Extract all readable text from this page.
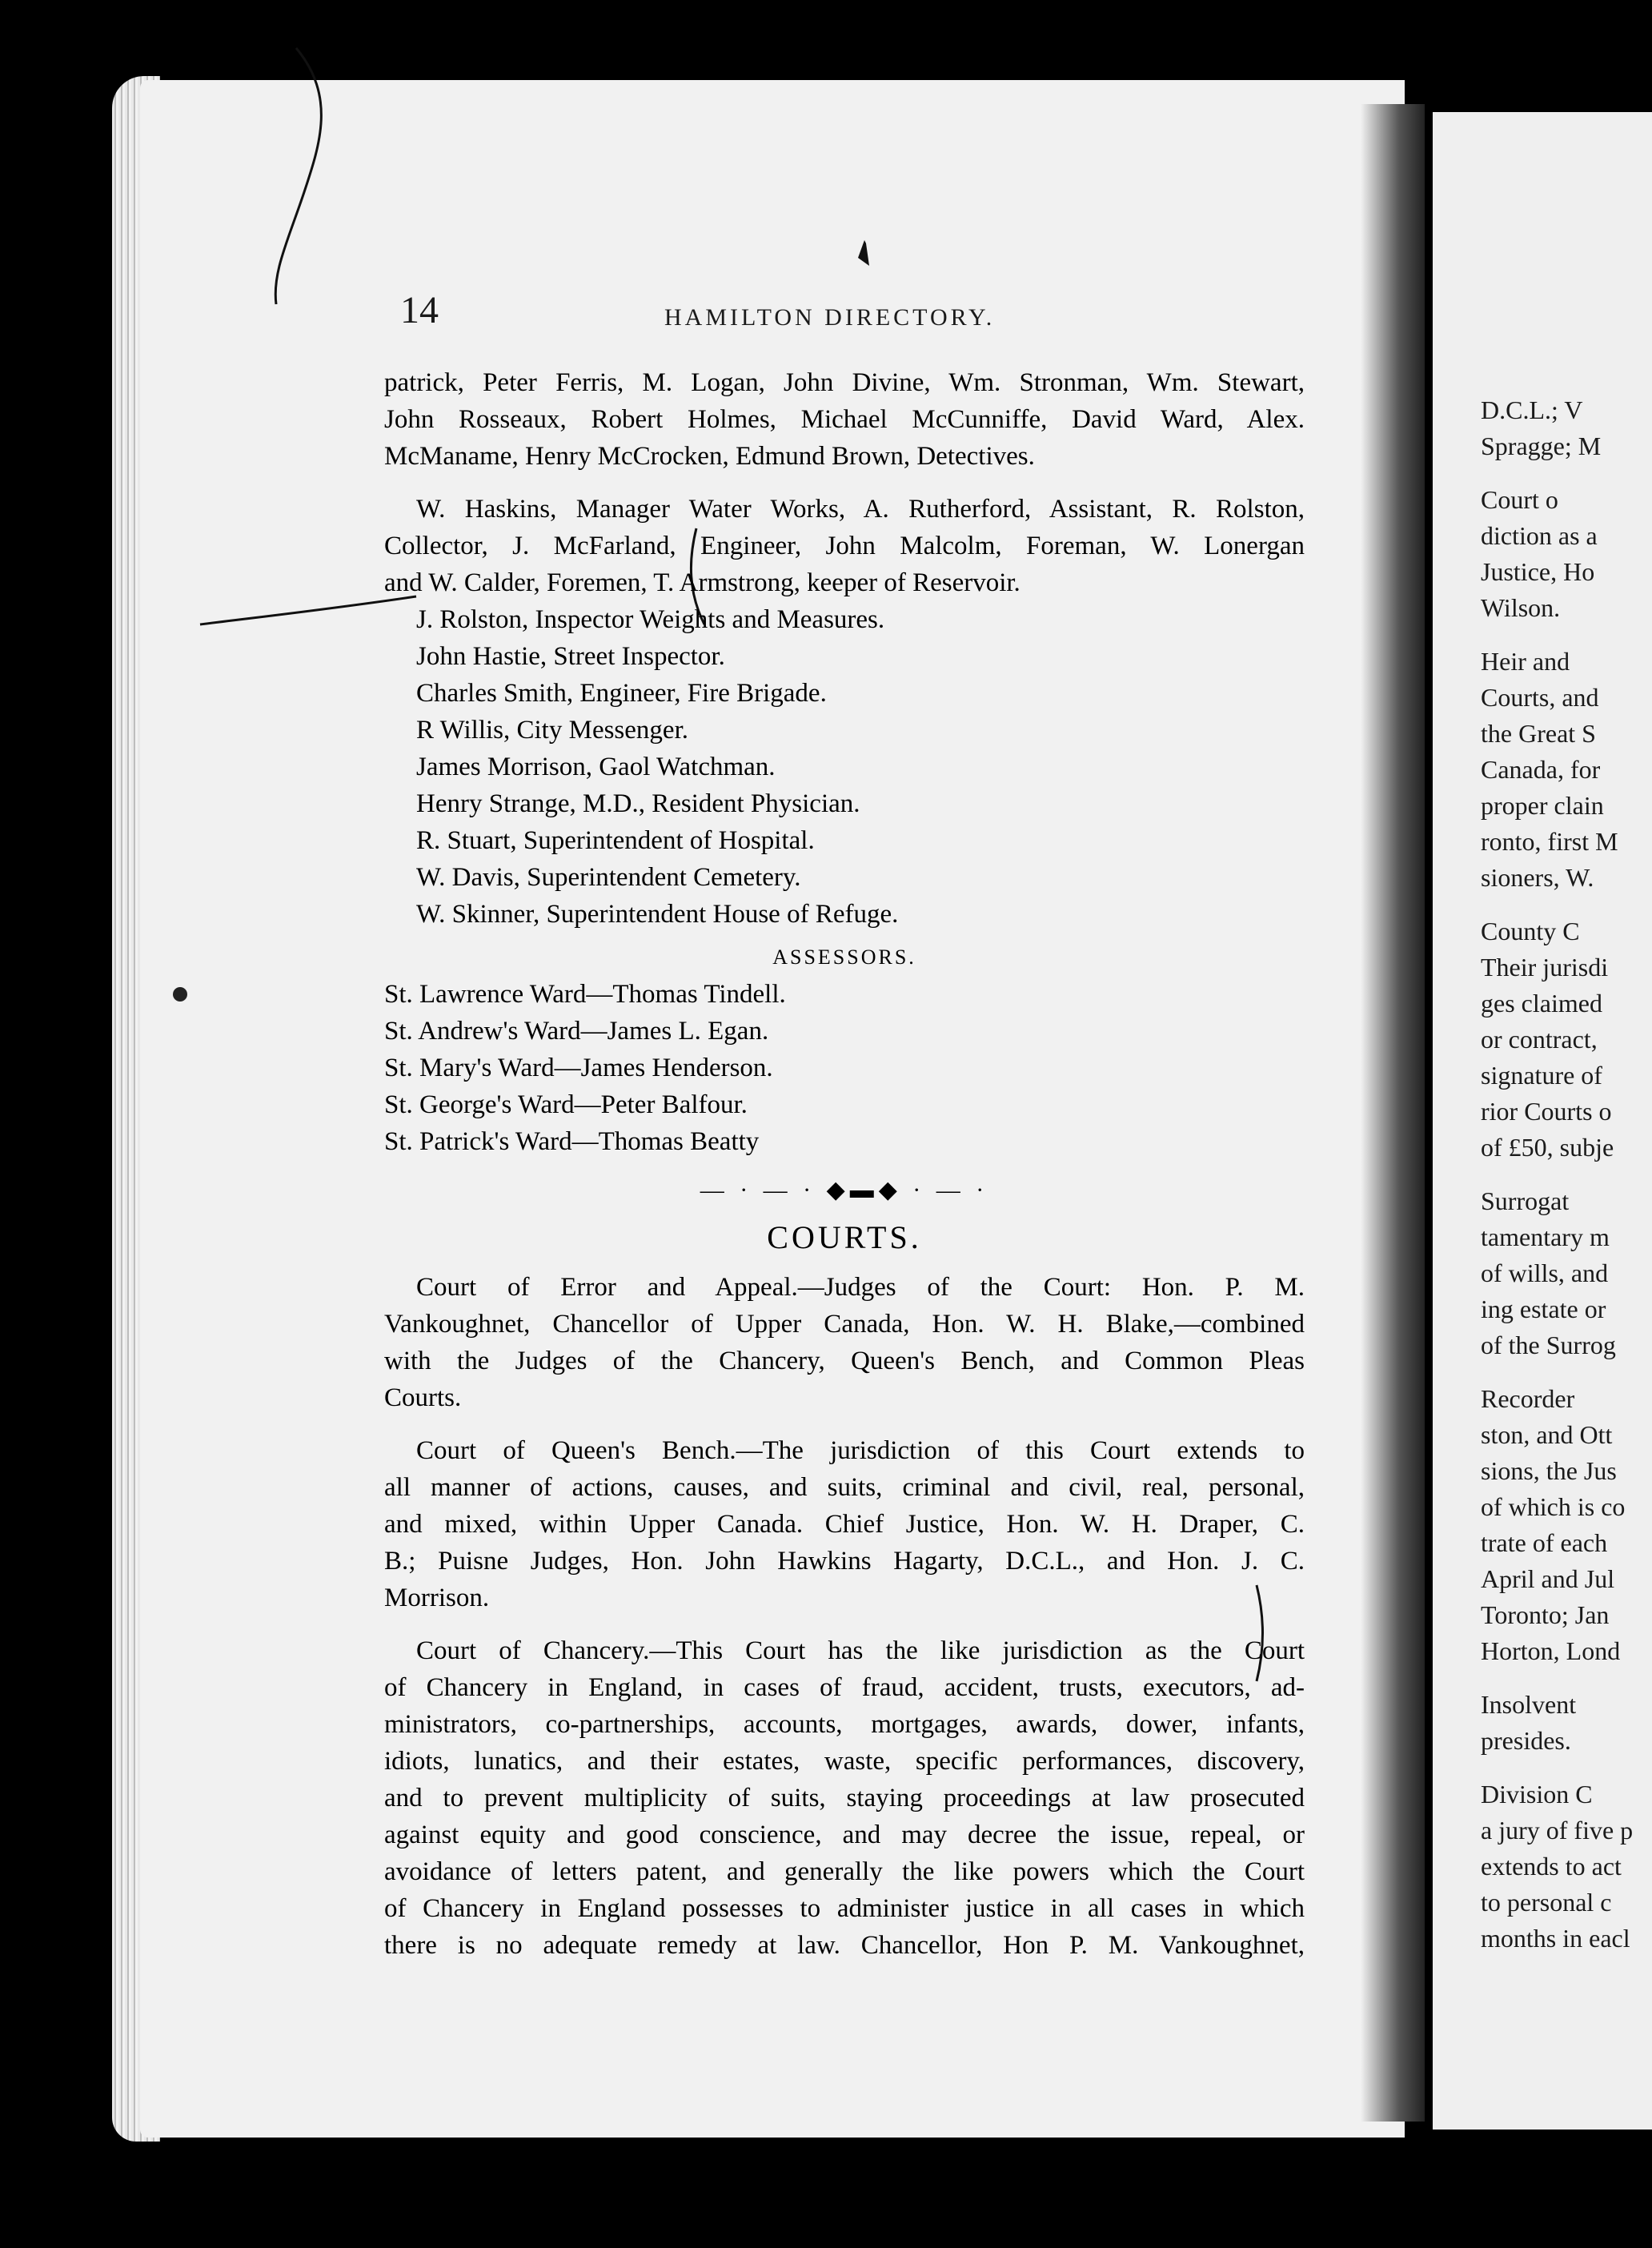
14	HAMILTON DIRECTORY.
patrick, Peter Ferris, M. Logan, John Divine, Wm. Stronman, Wm. Stewart,
John Rosseaux, Robert Holmes, Michael McCunniffe, David Ward, Alex.
McManame, Henry McCrocken, Edmund Brown, Detectives.
W. Haskins, Manager Water Works, A. Rutherford, Assistant, R. Rolston,
Collector, J. McFarland, Engineer, John Malcolm, Foreman, W. Lonergan
and W. Calder, Foremen, T. Armstrong, keeper of Reservoir.
J. Rolston, Inspector Weights and Measures.
John Hastie, Street Inspector.
Charles Smith, Engineer, Fire Brigade.
R Willis, City Messenger.
James Morrison, Gaol Watchman.
Henry Strange, M.D., Resident Physician.
R. Stuart, Superintendent of Hospital.
W. Davis, Superintendent Cemetery.
W. Skinner, Superintendent House of Refuge.
ASSESSORS.
St. Lawrence Ward—Thomas Tindell.
St. Andrew's Ward—James L. Egan.
St. Mary's Ward—James Henderson.
St. George's Ward—Peter Balfour.
St. Patrick's Ward—Thomas Beatty
— · — · ◆▬◆ · — ·
COURTS.
Court of Error and Appeal.—Judges of the Court: Hon. P. M.
Vankoughnet, Chancellor of Upper Canada, Hon. W. H. Blake,—combined
with the Judges of the Chancery, Queen's Bench, and Common Pleas
Courts.
Court of Queen's Bench.—The jurisdiction of this Court extends to
all manner of actions, causes, and suits, criminal and civil, real, personal,
and mixed, within Upper Canada. Chief Justice, Hon. W. H. Draper, C.
B.; Puisne Judges, Hon. John Hawkins Hagarty, D.C.L., and Hon. J. C.
Morrison.
Court of Chancery.—This Court has the like jurisdiction as the Court
of Chancery in England, in cases of fraud, accident, trusts, executors, ad-
ministrators, co-partnerships, accounts, mortgages, awards, dower, infants,
idiots, lunatics, and their estates, waste, specific performances, discovery,
and to prevent multiplicity of suits, staying proceedings at law prosecuted
against equity and good conscience, and may decree the issue, repeal, or
avoidance of letters patent, and generally the like powers which the Court
of Chancery in England possesses to administer justice in all cases in which
there is no adequate remedy at law. Chancellor, Hon P. M. Vankoughnet,
D.C.L.; V
Spragge; M
Court o
diction as a
Justice, Ho
Wilson.
Heir and
Courts, and
the Great S
Canada, for
proper clain
ronto, first M
sioners, W.
County C
Their jurisdi
ges claimed
or contract,
signature of
rior Courts o
of £50, subje
Surrogat
tamentary m
of wills, and
ing estate or
of the Surrog
Recorder
ston, and Ott
sions, the Jus
of which is co
trate of each
April and Jul
Toronto; Jan
Horton, Lond
Insolvent
presides.
Division C
a jury of five p
extends to act
to personal c
months in eacl
